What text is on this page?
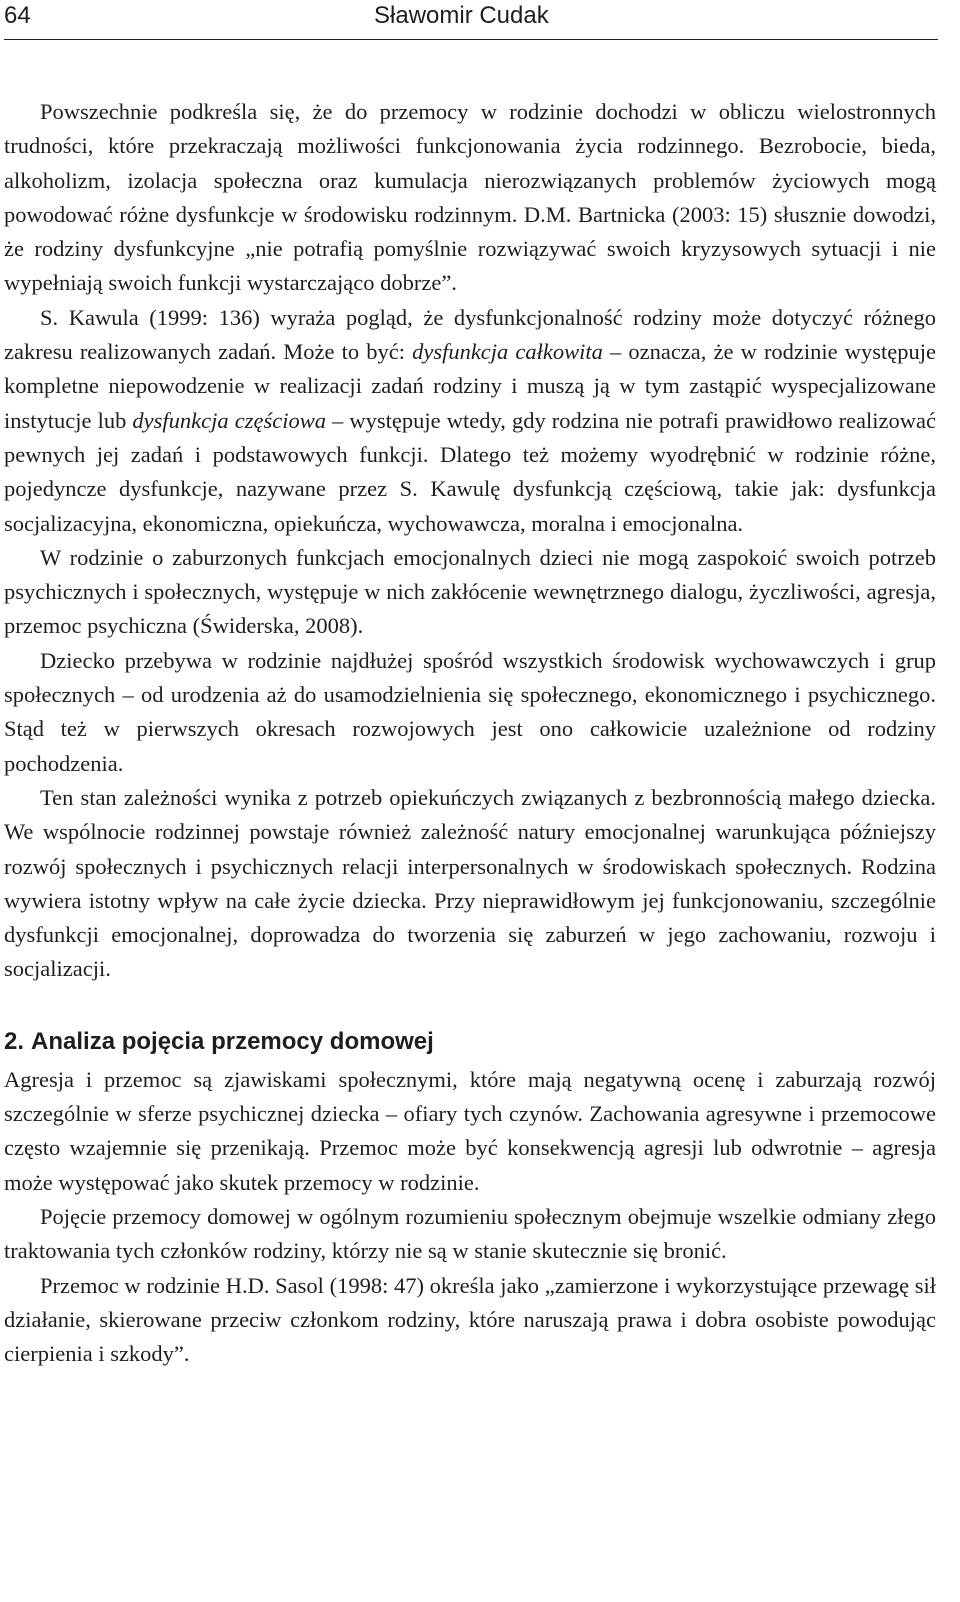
64	Sławomir Cudak

Powszechnie podkreśla się, że do przemocy w rodzinie dochodzi w obliczu wielostronnych trudności, które przekraczają możliwości funkcjonowania życia rodzinnego. Bezrobocie, bieda, alkoholizm, izolacja społeczna oraz kumulacja nierozwiązanych problemów życiowych mogą powodować różne dysfunkcje w środowisku rodzinnym. D.M. Bartnicka (2003: 15) słusznie dowodzi, że rodziny dysfunkcyjne „nie potrafią pomyślnie rozwiązywać swoich kryzysowych sytuacji i nie wypełniają swoich funkcji wystarczająco dobrze”.

S. Kawula (1999: 136) wyraża pogląd, że dysfunkcjonalność rodziny może dotyczyć różnego zakresu realizowanych zadań. Może to być: dysfunkcja całkowita – oznacza, że w rodzinie występuje kompletne niepowodzenie w realizacji zadań rodziny i muszą ją w tym zastąpić wyspecjalizowane instytucje lub dysfunkcja częściowa – występuje wtedy, gdy rodzina nie potrafi prawidłowo realizować pewnych jej zadań i podstawowych funkcji. Dlatego też możemy wyodrębnić w rodzinie różne, pojedyncze dysfunkcje, nazywane przez S. Kawulę dysfunkcją częściową, takie jak: dysfunkcja socjalizacyjna, ekonomiczna, opiekuńcza, wychowawcza, moralna i emocjonalna.

W rodzinie o zaburzonych funkcjach emocjonalnych dzieci nie mogą zaspokoić swoich potrzeb psychicznych i społecznych, występuje w nich zakłócenie wewnętrznego dialogu, życzliwości, agresja, przemoc psychiczna (Świderska, 2008).

Dziecko przebywa w rodzinie najdłużej spośród wszystkich środowisk wychowawczych i grup społecznych – od urodzenia aż do usamodzielnienia się społecznego, ekonomicznego i psychicznego. Stąd też w pierwszych okresach rozwojowych jest ono całkowicie uzależnione od rodziny pochodzenia.

Ten stan zależności wynika z potrzeb opiekuńczych związanych z bezbronnością małego dziecka. We wspólnocie rodzinnej powstaje również zależność natury emocjonalnej warunkująca późniejszy rozwój społecznych i psychicznych relacji interpersonalnych w środowiskach społecznych. Rodzina wywiera istotny wpływ na całe życie dziecka. Przy nieprawidłowym jej funkcjonowaniu, szczególnie dysfunkcji emocjonalnej, doprowadza do tworzenia się zaburzeń w jego zachowaniu, rozwoju i socjalizacji.

2. Analiza pojęcia przemocy domowej

Agresja i przemoc są zjawiskami społecznymi, które mają negatywną ocenę i zaburzają rozwój szczególnie w sferze psychicznej dziecka – ofiary tych czynów. Zachowania agresywne i przemocowe często wzajemnie się przenikają. Przemoc może być konsekwencją agresji lub odwrotnie – agresja może występować jako skutek przemocy w rodzinie.

Pojęcie przemocy domowej w ogólnym rozumieniu społecznym obejmuje wszelkie odmiany złego traktowania tych członków rodziny, którzy nie są w stanie skutecznie się bronić.

Przemoc w rodzinie H.D. Sasol (1998: 47) określa jako „zamierzone i wykorzystujące przewagę sił działanie, skierowane przeciw członkom rodziny, które naruszają prawa i dobra osobiste powodując cierpienia i szkody”.
